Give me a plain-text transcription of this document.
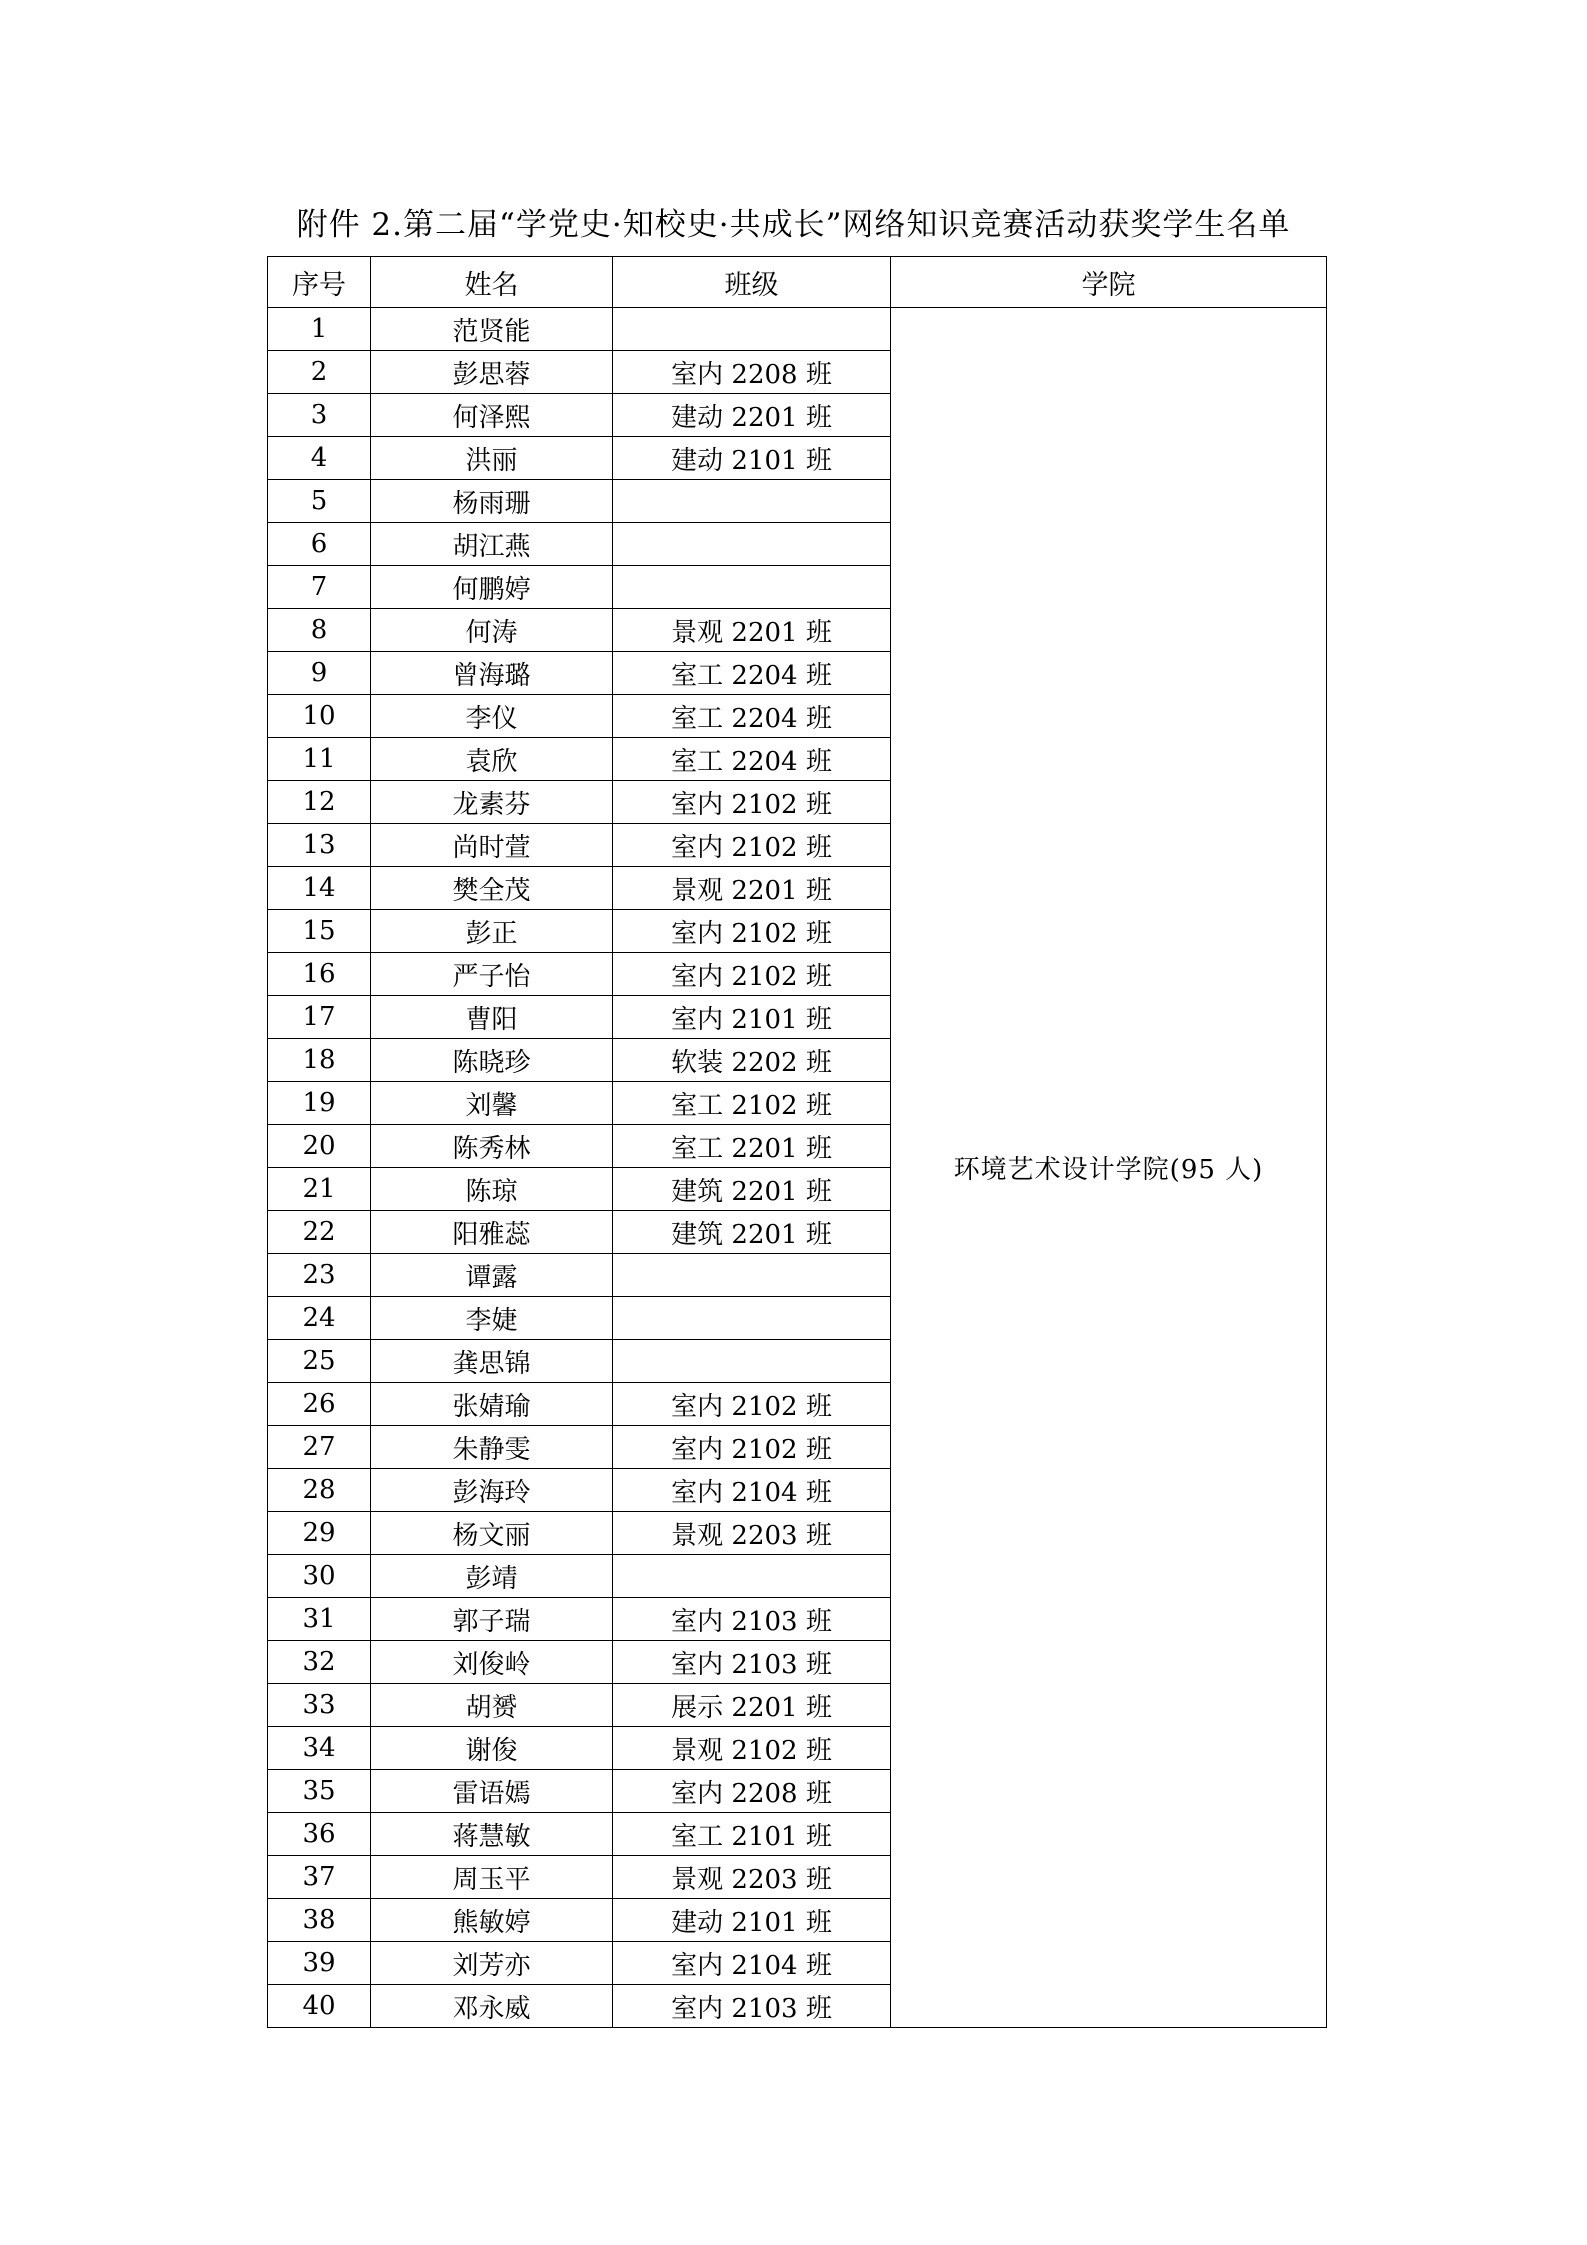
附件 2.第二届“学党史·知校史·共成长”网络知识竞赛活动获奖学生名单
序号	姓名	班级	学院
1	范贤能		环境艺术设计学院(95 人)
2	彭思蓉	室内 2208 班	
3	何泽熙	建动 2201 班	
4	洪丽	建动 2101 班	
5	杨雨珊		
6	胡江燕		
7	何鹏婷		
8	何涛	景观 2201 班	
9	曾海璐	室工 2204 班	
10	李仪	室工 2204 班	
11	袁欣	室工 2204 班	
12	龙素芬	室内 2102 班	
13	尚时萱	室内 2102 班	
14	樊全茂	景观 2201 班	
15	彭正	室内 2102 班	
16	严子怡	室内 2102 班	
17	曹阳	室内 2101 班	
18	陈晓珍	软装 2202 班	
19	刘馨	室工 2102 班	
20	陈秀林	室工 2201 班	
21	陈琼	建筑 2201 班	
22	阳雅蕊	建筑 2201 班	
23	谭露		
24	李婕		
25	龚思锦		
26	张婧瑜	室内 2102 班	
27	朱静雯	室内 2102 班	
28	彭海玲	室内 2104 班	
29	杨文丽	景观 2203 班	
30	彭靖		
31	郭子瑞	室内 2103 班	
32	刘俊岭	室内 2103 班	
33	胡赟	展示 2201 班	
34	谢俊	景观 2102 班	
35	雷语嫣	室内 2208 班	
36	蒋慧敏	室工 2101 班	
37	周玉平	景观 2203 班	
38	熊敏婷	建动 2101 班	
39	刘芳亦	室内 2104 班	
40	邓永威	室内 2103 班	
